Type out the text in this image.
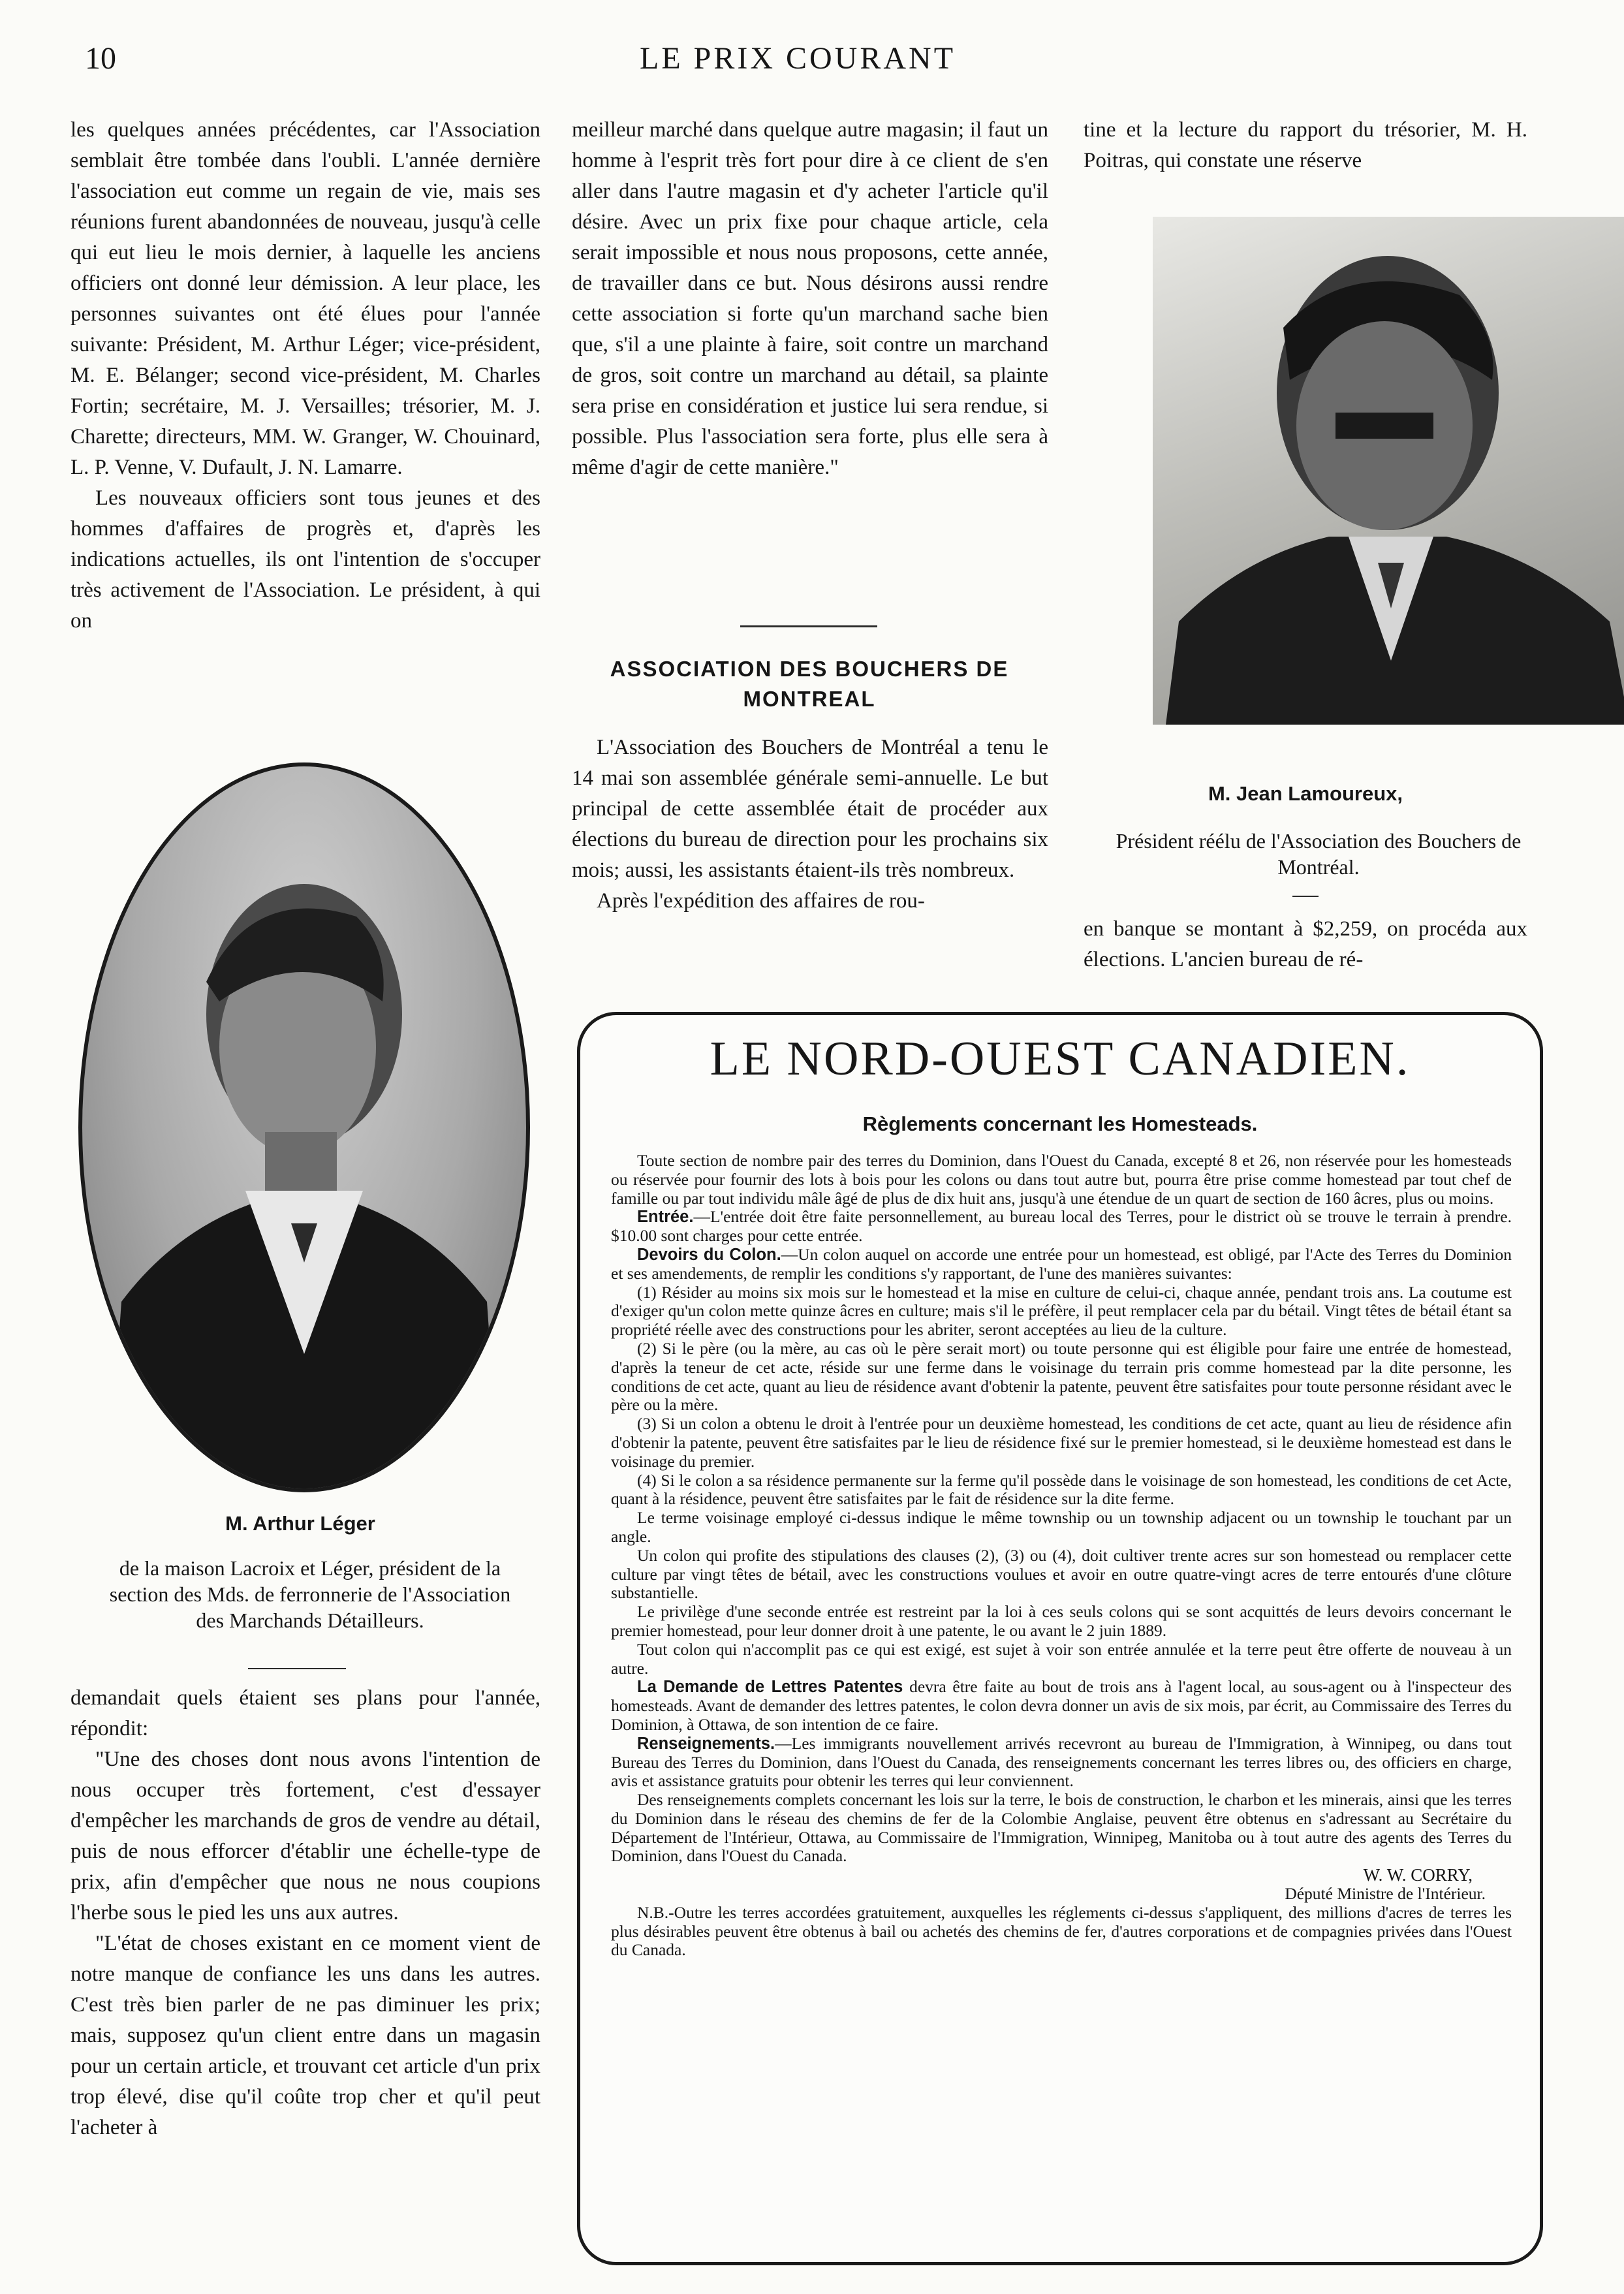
10	LE PRIX COURANT

les quelques années précédentes, car l'Association semblait être tombée dans l'oubli. L'année dernière l'association eut comme un regain de vie, mais ses réunions furent abandonnées de nouveau, jusqu'à celle qui eut lieu le mois dernier, à laquelle les anciens officiers ont donné leur démission. A leur place, les personnes suivantes ont été élues pour l'année suivante: Président, M. Arthur Léger; vice-président, M. E. Bélanger; second vice-président, M. Charles Fortin; secrétaire, M. J. Versailles; trésorier, M. J. Charette; directeurs, MM. W. Granger, W. Chouinard, L. P. Venne, V. Dufault, J. N. Lamarre.

Les nouveaux officiers sont tous jeunes et des hommes d'affaires de progrès et, d'après les indications actuelles, ils ont l'intention de s'occuper très activement de l'Association. Le président, à qui on

M. Arthur Léger

de la maison Lacroix et Léger, président de la section des Mds. de ferronnerie de l'Association des Marchands Détailleurs.

demandait quels étaient ses plans pour l'année, répondit:

"Une des choses dont nous avons l'intention de nous occuper très fortement, c'est d'essayer d'empêcher les marchands de gros de vendre au détail, puis de nous efforcer d'établir une échelle-type de prix, afin d'empêcher que nous ne nous coupions l'herbe sous le pied les uns aux autres.

"L'état de choses existant en ce moment vient de notre manque de confiance les uns dans les autres. C'est très bien parler de ne pas diminuer les prix; mais, supposez qu'un client entre dans un magasin pour un certain article, et trouvant cet article d'un prix trop élevé, dise qu'il coûte trop cher et qu'il peut l'acheter à

meilleur marché dans quelque autre magasin; il faut un homme à l'esprit très fort pour dire à ce client de s'en aller dans l'autre magasin et d'y acheter l'article qu'il désire. Avec un prix fixe pour chaque article, cela serait impossible et nous nous proposons, cette année, de travailler dans ce but. Nous désirons aussi rendre cette association si forte qu'un marchand sache bien que, s'il a une plainte à faire, soit contre un marchand de gros, soit contre un marchand au détail, sa plainte sera prise en considération et justice lui sera rendue, si possible. Plus l'association sera forte, plus elle sera à même d'agir de cette manière."

ASSOCIATION DES BOUCHERS DE MONTREAL

L'Association des Bouchers de Montréal a tenu le 14 mai son assemblée générale semi-annuelle. Le but principal de cette assemblée était de procéder aux élections du bureau de direction pour les prochains six mois; aussi, les assistants étaient-ils très nombreux.

Après l'expédition des affaires de rou-

tine et la lecture du rapport du trésorier, M. H. Poitras, qui constate une réserve

M. Jean Lamoureux,

Président réélu de l'Association des Bouchers de Montréal.

en banque se montant à $2,259, on procéda aux élections. L'ancien bureau de ré-

LE NORD-OUEST CANADIEN.
Règlements concernant les Homesteads.

Toute section de nombre pair des terres du Dominion, dans l'Ouest du Canada, excepté 8 et 26, non réservée pour les homesteads ou réservée pour fournir des lots à bois pour les colons ou dans tout autre but, pourra être prise comme homestead par tout chef de famille ou par tout individu mâle âgé de plus de dix huit ans, jusqu'à une étendue de un quart de section de 160 âcres, plus ou moins.

Entrée.—L'entrée doit être faite personnellement, au bureau local des Terres, pour le district où se trouve le terrain à prendre. $10.00 sont charges pour cette entrée.

Devoirs du Colon.—Un colon auquel on accorde une entrée pour un homestead, est obligé, par l'Acte des Terres du Dominion et ses amendements, de remplir les conditions s'y rapportant, de l'une des manières suivantes:

(1) Résider au moins six mois sur le homestead et la mise en culture de celui-ci, chaque année, pendant trois ans. La coutume est d'exiger qu'un colon mette quinze âcres en culture; mais s'il le préfère, il peut remplacer cela par du bétail. Vingt têtes de bétail étant sa propriété réelle avec des constructions pour les abriter, seront acceptées au lieu de la culture.

(2) Si le père (ou la mère, au cas où le père serait mort) ou toute personne qui est éligible pour faire une entrée de homestead, d'après la teneur de cet acte, réside sur une ferme dans le voisinage du terrain pris comme homestead par la dite personne, les conditions de cet acte, quant au lieu de résidence avant d'obtenir la patente, peuvent être satisfaites pour toute personne résidant avec le père ou la mère.

(3) Si un colon a obtenu le droit à l'entrée pour un deuxième homestead, les conditions de cet acte, quant au lieu de résidence afin d'obtenir la patente, peuvent être satisfaites par le lieu de résidence fixé sur le premier homestead, si le deuxième homestead est dans le voisinage du premier.

(4) Si le colon a sa résidence permanente sur la ferme qu'il possède dans le voisinage de son homestead, les conditions de cet Acte, quant à la résidence, peuvent être satisfaites par le fait de résidence sur la dite ferme.

Le terme voisinage employé ci-dessus indique le même township ou un township adjacent ou un township le touchant par un angle.

Un colon qui profite des stipulations des clauses (2), (3) ou (4), doit cultiver trente acres sur son homestead ou remplacer cette culture par vingt têtes de bétail, avec les constructions voulues et avoir en outre quatre-vingt acres de terre entourés d'une clôture substantielle.

Le privilège d'une seconde entrée est restreint par la loi à ces seuls colons qui se sont acquittés de leurs devoirs concernant le premier homestead, pour leur donner droit à une patente, le ou avant le 2 juin 1889.

Tout colon qui n'accomplit pas ce qui est exigé, est sujet à voir son entrée annulée et la terre peut être offerte de nouveau à un autre.

La Demande de Lettres Patentes devra être faite au bout de trois ans à l'agent local, au sous-agent ou à l'inspecteur des homesteads. Avant de demander des lettres patentes, le colon devra donner un avis de six mois, par écrit, au Commissaire des Terres du Dominion, à Ottawa, de son intention de ce faire.

Renseignements.—Les immigrants nouvellement arrivés recevront au bureau de l'Immigration, à Winnipeg, ou dans tout Bureau des Terres du Dominion, dans l'Ouest du Canada, des renseignements concernant les terres libres ou, des officiers en charge, avis et assistance gratuits pour obtenir les terres qui leur conviennent.

Des renseignements complets concernant les lois sur la terre, le bois de construction, le charbon et les minerais, ainsi que les terres du Dominion dans le réseau des chemins de fer de la Colombie Anglaise, peuvent être obtenus en s'adressant au Secrétaire du Département de l'Intérieur, Ottawa, au Commissaire de l'Immigration, Winnipeg, Manitoba ou à tout autre des agents des Terres du Dominion, dans l'Ouest du Canada.

W. W. CORRY,

Député Ministre de l'Intérieur.

N.B.-Outre les terres accordées gratuitement, auxquelles les réglements ci-dessus s'appliquent, des millions d'acres de terres les plus désirables peuvent être obtenus à bail ou achetés des chemins de fer, d'autres corporations et de compagnies privées dans l'Ouest du Canada.
